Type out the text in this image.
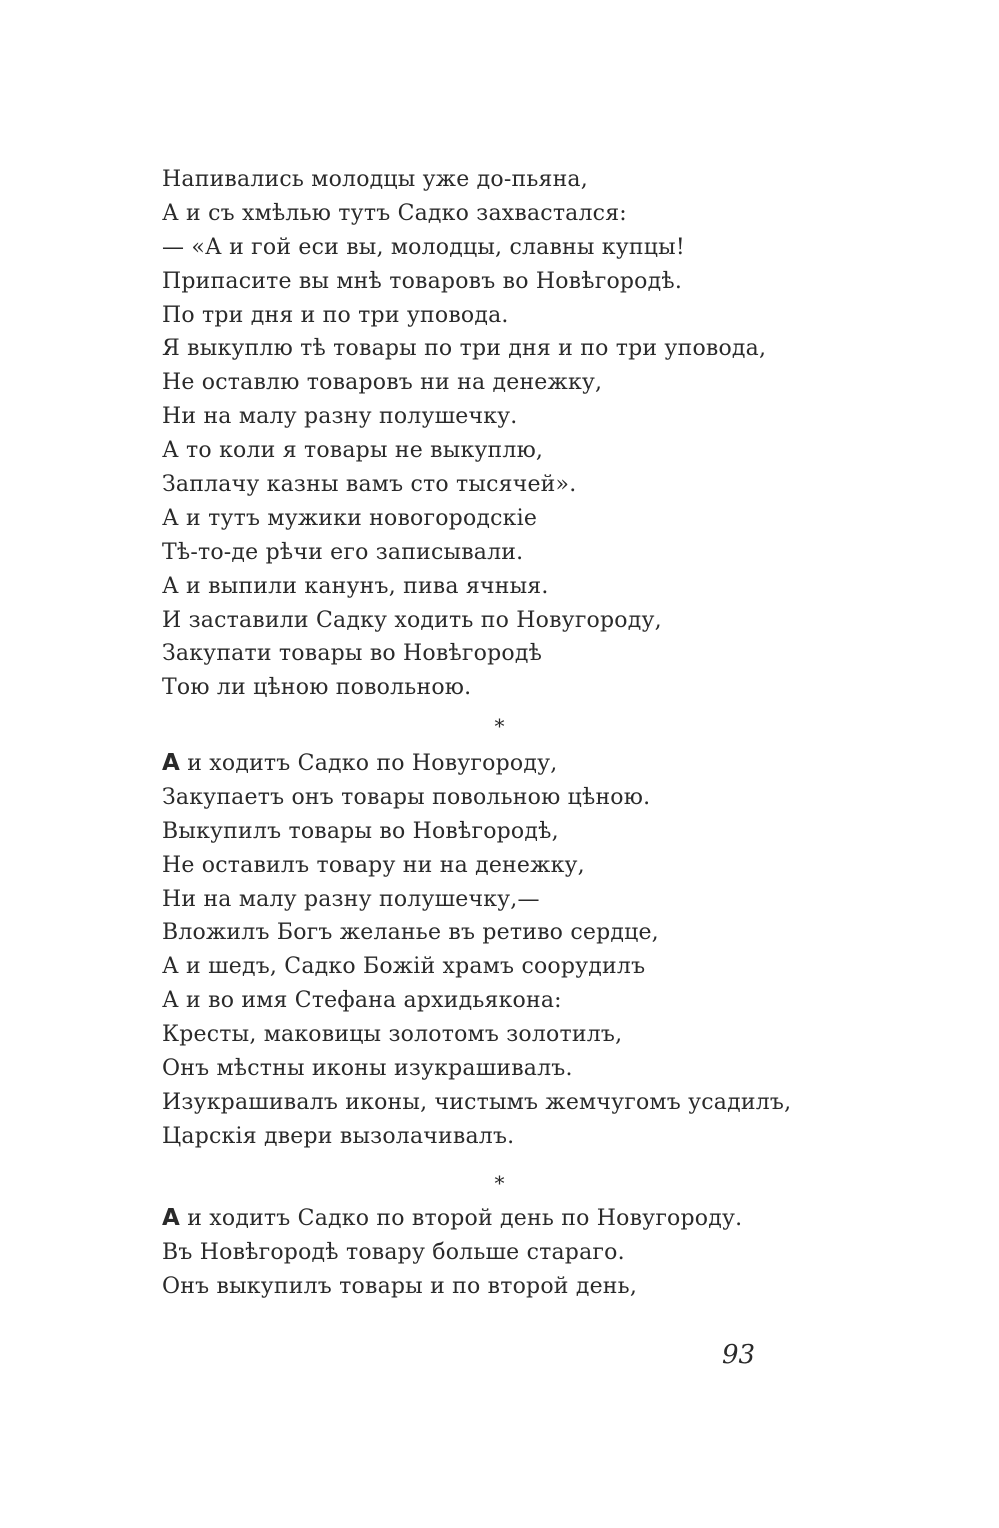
Напивались молодцы уже до-пьяна,
А и съ хмѣлью тутъ Садко захвастался:
— «А и гой еси вы, молодцы, славны купцы!
Припасите вы мнѣ товаровъ во Новѣгородѣ.
По три дня и по три уповода.
Я выкуплю тѣ товары по три дня и по три уповода,
Не оставлю товаровъ ни на денежку,
Ни на малу разну полушечку.
А то коли я товары не выкуплю,
Заплачу казны вамъ сто тысячей».
А и тутъ мужики новогородскіе
Тѣ-то-де рѣчи его записывали.
А и выпили канунъ, пива ячныя.
И заставили Садку ходить по Новугороду,
Закупати товары во Новѣгородѣ
Тою ли цѣною повольною.
*
А и ходитъ Садко по Новугороду,
Закупаетъ онъ товары повольною цѣною.
Выкупилъ товары во Новѣгородѣ,
Не оставилъ товару ни на денежку,
Ни на малу разну полушечку,—
Вложилъ Богъ желанье въ ретиво сердце,
А и шедъ, Садко Божій храмъ соорудилъ
А и во имя Стефана архидьякона:
Кресты, маковицы золотомъ золотилъ,
Онъ мѣстны иконы изукрашивалъ.
Изукрашивалъ иконы, чистымъ жемчугомъ усадилъ,
Царскія двери вызолачивалъ.
*
А и ходитъ Садко по второй день по Новугороду.
Въ Новѣгородѣ товару больше стараго.
Онъ выкупилъ товары и по второй день,
93
